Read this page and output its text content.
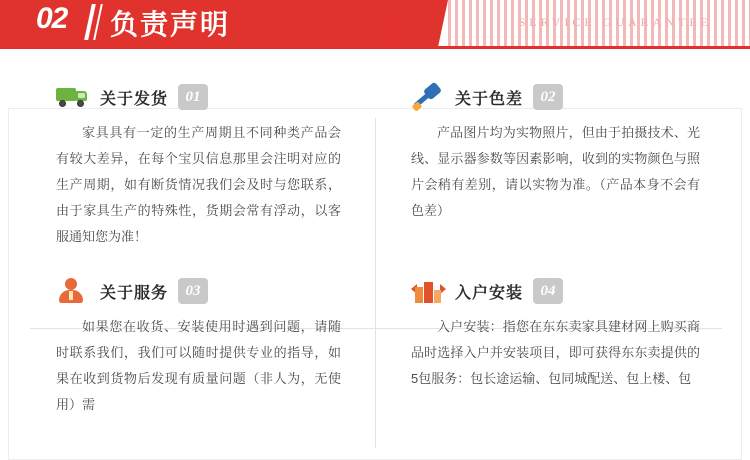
02 负责声明 售后保障！	SERVICE GUARANTEE
关于发货	01
家具具有一定的生产周期且不同种类产品会有较大差异，在每个宝贝信息那里会注明对应的生产周期，如有断货情况我们会及时与您联系，由于家具生产的特殊性，货期会常有浮动，以客服通知您为准！
关于色差	02
产品图片均为实物照片，但由于拍摄技术、光线、显示器参数等因素影响，收到的实物颜色与照片会稍有差别，请以实物为准。（产品本身不会有色差）
关于服务	03
如果您在收货、安装使用时遇到问题，请随时联系我们，我们可以随时提供专业的指导，如果在收到货物后发现有质量问题（非人为，无使用）需
入户安装	04
入户安装：指您在东东卖家具建材网上购买商品时选择入户并安装项目，即可获得东东卖提供的5包服务：包长途运输、包同城配送、包上楼、包
